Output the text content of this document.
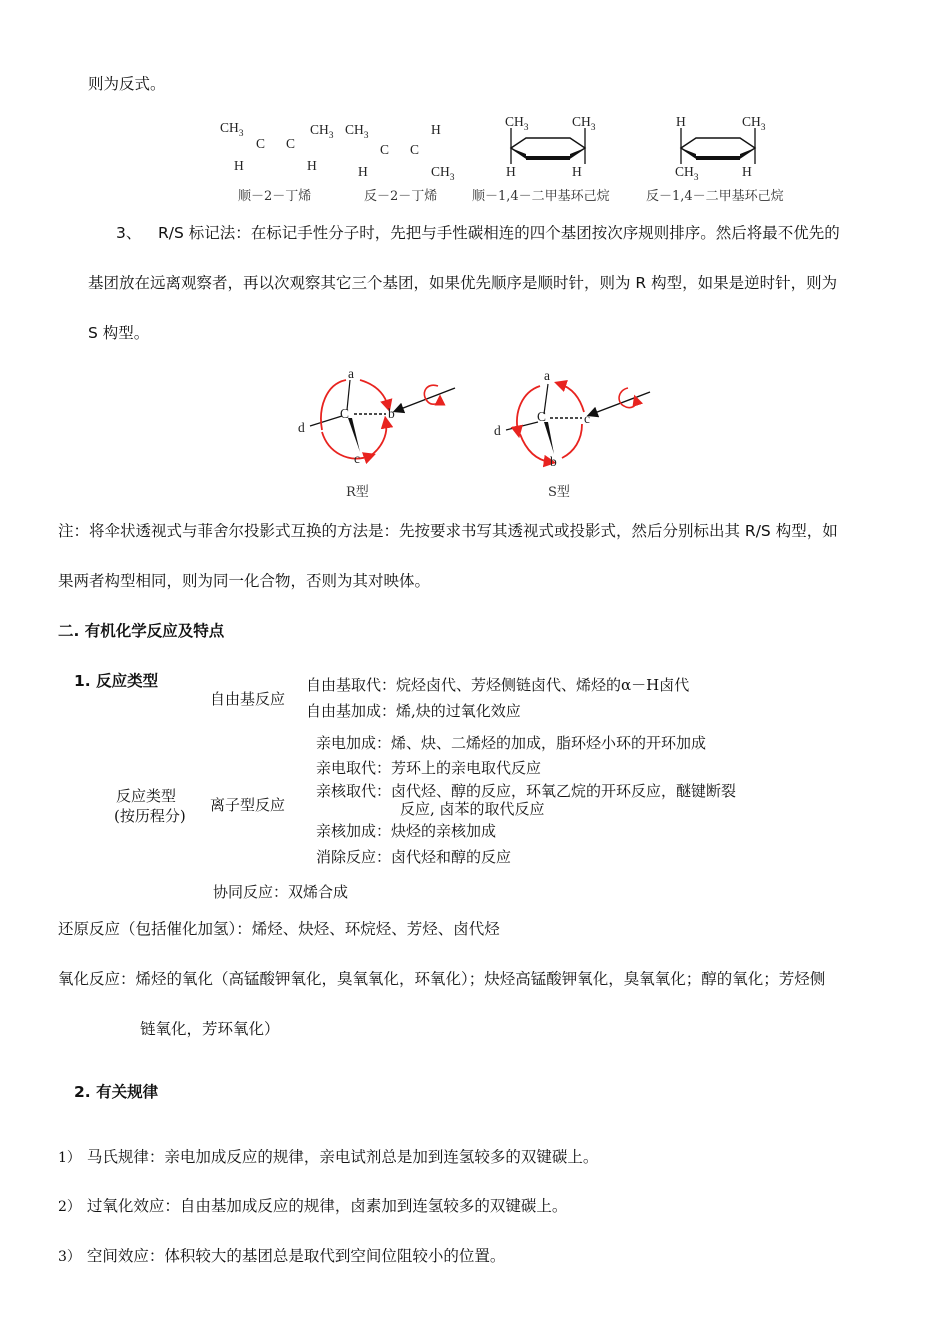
则为反式。
$CH_3$
C C
$CH_3$
H	H
顺－2－丁烯
$CH_3$
C C
H
H	$CH_3$
反－2－丁烯
$CH_3$	$CH_3$
H	H
顺－1,4－二甲基环己烷
H	$CH_3$
$CH_3$	H
反－1,4－二甲基环己烷
3、 R/S 标记法：在标记手性分子时，先把与手性碳相连的四个基团按次序规则排序。然后将最不优先的
基团放在远离观察者，再以次观察其它三个基团，如果优先顺序是顺时针，则为 R 构型，如果是逆时针，则为
S 构型。
a
C	b
d
c
R型
a
C	c
d
b
S型
注：将伞状透视式与菲舍尔投影式互换的方法是：先按要求书写其透视式或投影式，然后分别标出其 R/S 构型，如
果两者构型相同，则为同一化合物，否则为其对映体。
二. 有机化学反应及特点
1. 反应类型
自由基反应
自由基取代：烷烃卤代、芳烃侧链卤代、烯烃的α－H卤代
自由基加成：烯,炔的过氧化效应
反应类型
(按历程分)
离子型反应
亲电加成：烯、炔、二烯烃的加成，脂环烃小环的开环加成
亲电取代：芳环上的亲电取代反应
亲核取代：卤代烃、醇的反应，环氧乙烷的开环反应，醚键断裂
反应, 卤苯的取代反应
亲核加成：炔烃的亲核加成
消除反应：卤代烃和醇的反应
协同反应：双烯合成
还原反应（包括催化加氢）：烯烃、炔烃、环烷烃、芳烃、卤代烃
氧化反应：烯烃的氧化（高锰酸钾氧化，臭氧氧化，环氧化）；炔烃高锰酸钾氧化，臭氧氧化；醇的氧化；芳烃侧
链氧化，芳环氧化）
2. 有关规律
1） 马氏规律：亲电加成反应的规律，亲电试剂总是加到连氢较多的双键碳上。
2） 过氧化效应：自由基加成反应的规律，卤素加到连氢较多的双键碳上。
3） 空间效应：体积较大的基团总是取代到空间位阻较小的位置。
